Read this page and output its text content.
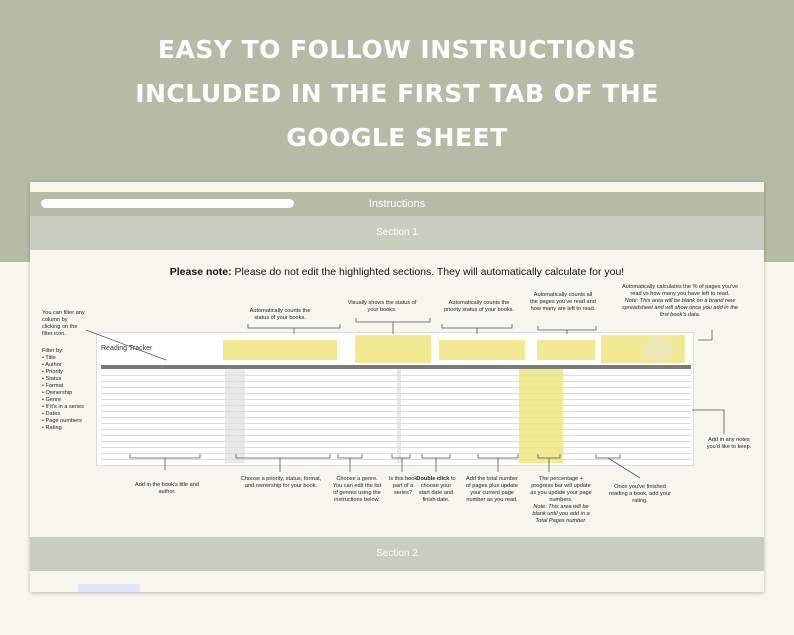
EASY TO FOLLOW INSTRUCTIONS
INCLUDED IN THE FIRST TAB OF THE
GOOGLE SHEET
Instructions
Section 1
Please note: Please do not edit the highlighted sections. They will automatically calculate for you!
You can filter any column by clicking on the filter icon.
Filter by:
• Title
• Author
• Priority
• Status
• Format
• Ownership
• Genre
• If it's in a series
• Dates
• Page numbers
• Rating
Automatically counts the status of your books.
Visually shows the status of your books.
Automatically counts the priority status of your books.
Automatically counts all the pages you've read and how many are left to read.
Automatically calculates the % of pages you've read vs how many you have left to read.
Note: This area will be blank on a brand new spreadsheet and will show once you add in the first book's data.
Add in any notes you'd like to keep.
Add in the book's title and author.
Choose a priority, status, format, and ownership for your book.
Choose a genre. You can edit the list of genres using the instructions below.
Is this book part of a series?
Double click to choose your start date and finish date.
Add the total number of pages plus update your current page number as you read.
The percentage + progress bar will update as you update your page numbers.
Note: This area will be blank until you add in a Total Pages number.
Once you've finished reading a book, add your rating.
Reading Tracker
Section 2
